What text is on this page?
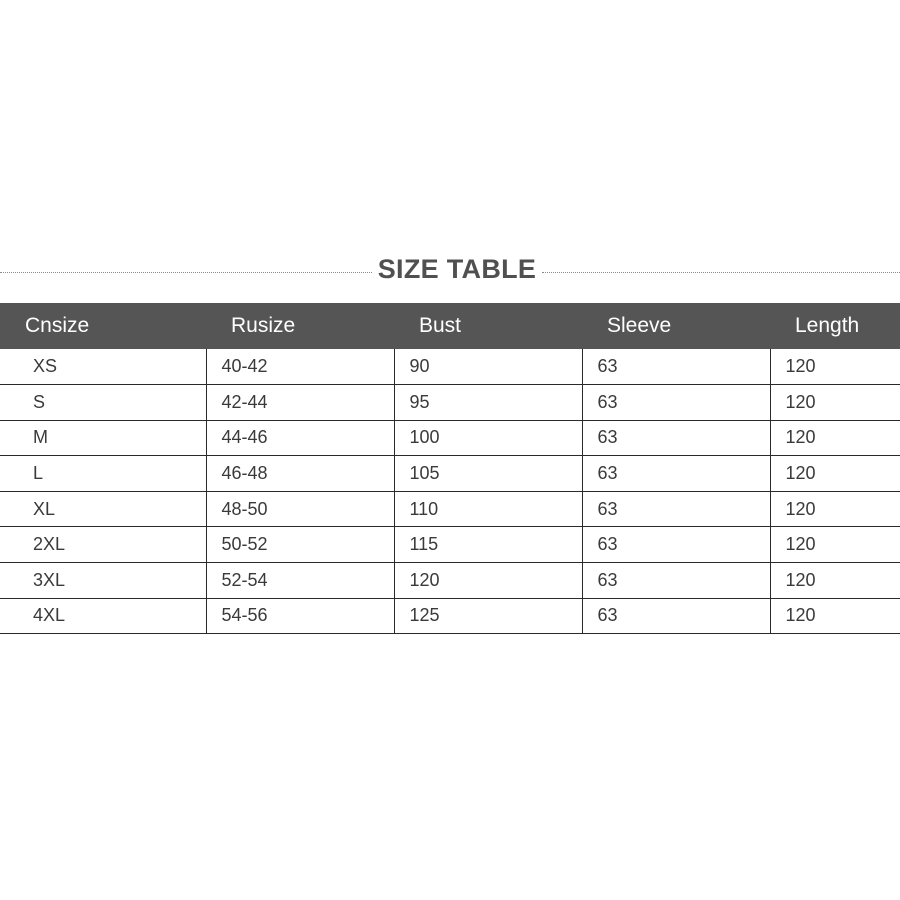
SIZE TABLE
Cnsize	Rusize	Bust	Sleeve	Length
XS	40-42	90	63	120
S	42-44	95	63	120
M	44-46	100	63	120
L	46-48	105	63	120
XL	48-50	110	63	120
2XL	50-52	115	63	120
3XL	52-54	120	63	120
4XL	54-56	125	63	120
